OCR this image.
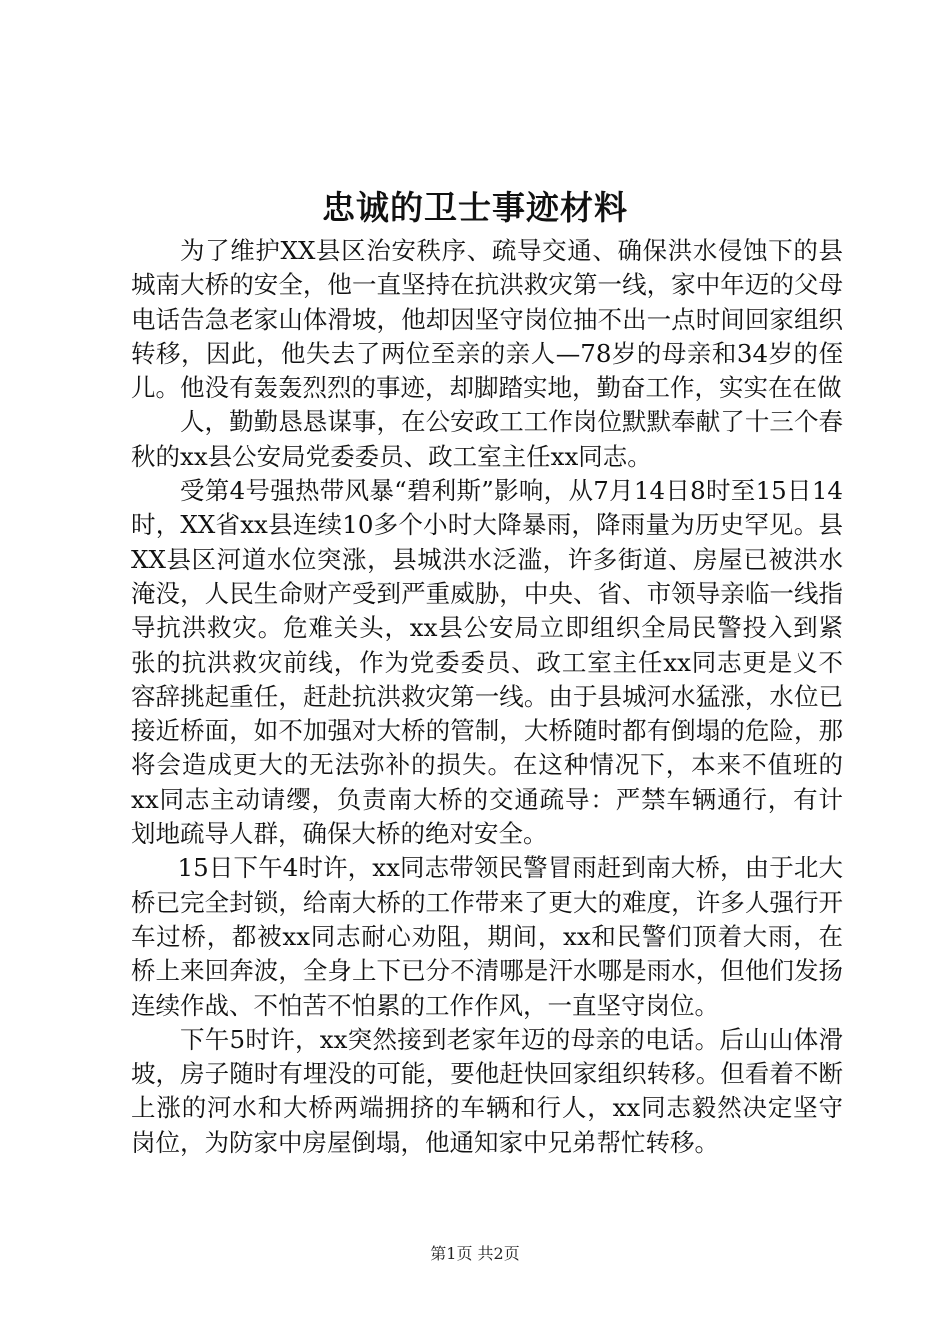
忠诚的卫士事迹材料

为了维护XX县区治安秩序、疏导交通、确保洪水侵蚀下的县城南大桥的安全，他一直坚持在抗洪救灾第一线，家中年迈的父母电话告急老家山体滑坡，他却因坚守岗位抽不出一点时间回家组织转移，因此，他失去了两位至亲的亲人—78岁的母亲和34岁的侄儿。他没有轰轰烈烈的事迹，却脚踏实地，勤奋工作，实实在在做

人，勤勤恳恳谋事，在公安政工工作岗位默默奉献了十三个春秋的xx县公安局党委委员、政工室主任xx同志。

受第4号强热带风暴“碧利斯”影响，从7月14日8时至15日14时，XX省xx县连续10多个小时大降暴雨，降雨量为历史罕见。县XX县区河道水位突涨，县城洪水泛滥，许多街道、房屋已被洪水淹没，人民生命财产受到严重威胁，中央、省、市领导亲临一线指导抗洪救灾。危难关头，xx县公安局立即组织全局民警投入到紧张的抗洪救灾前线，作为党委委员、政工室主任xx同志更是义不容辞挑起重任，赶赴抗洪救灾第一线。由于县城河水猛涨，水位已接近桥面，如不加强对大桥的管制，大桥随时都有倒塌的危险，那将会造成更大的无法弥补的损失。在这种情况下，本来不值班的xx同志主动请缨，负责南大桥的交通疏导：严禁车辆通行，有计划地疏导人群，确保大桥的绝对安全。

15日下午4时许，xx同志带领民警冒雨赶到南大桥，由于北大桥已完全封锁，给南大桥的工作带来了更大的难度，许多人强行开车过桥，都被xx同志耐心劝阻，期间，xx和民警们顶着大雨，在桥上来回奔波，全身上下已分不清哪是汗水哪是雨水，但他们发扬连续作战、不怕苦不怕累的工作作风，一直坚守岗位。

下午5时许，xx突然接到老家年迈的母亲的电话。后山山体滑坡，房子随时有埋没的可能，要他赶快回家组织转移。但看着不断上涨的河水和大桥两端拥挤的车辆和行人，xx同志毅然决定坚守岗位，为防家中房屋倒塌，他通知家中兄弟帮忙转移。

第1页 共2页
